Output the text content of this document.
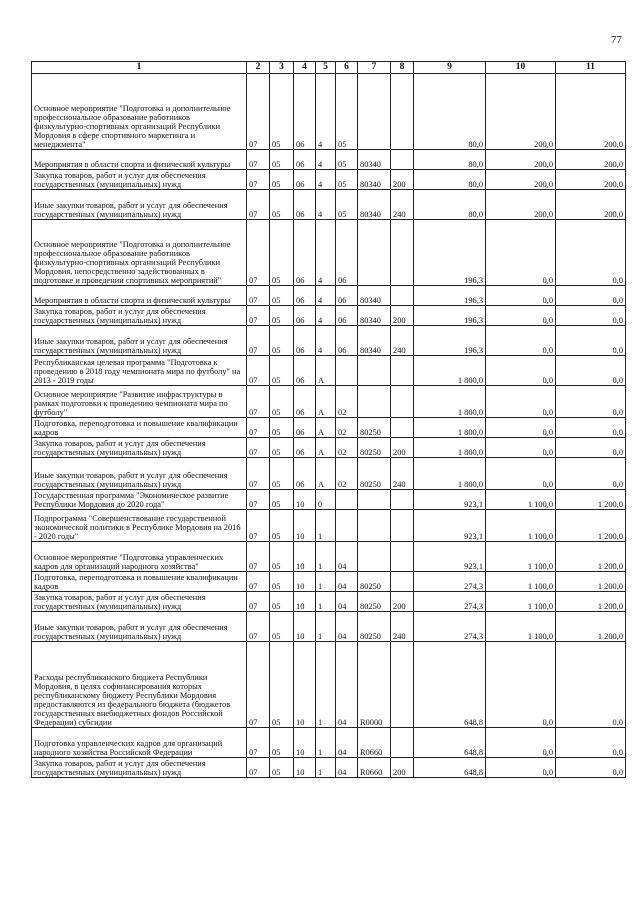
77
1	2	3	4	5	6	7	8	9	10	11
Основное мероприятие "Подготовка и дополнительное профессиональное образование работников физкультурно-спортивных организаций Республики Мордовия в сфере спортивного маркетинга и менеджмента"	07	05	06	4	05			80,0	200,0	200,0
Мероприятия в области спорта и физической культуры	07	05	06	4	05	80340		80,0	200,0	200,0
Закупка товаров, работ и услуг для обеспечения государственных (муниципальных) нужд	07	05	06	4	05	80340	200	80,0	200,0	200,0
Иные закупки товаров, работ и услуг для обеспечения государственных (муниципальных) нужд	07	05	06	4	05	80340	240	80,0	200,0	200,0
Основное мероприятие "Подготовка и дополнительное профессиональное образование работников физкультурно-спортивных организаций Республики Мордовия, непосредственно задействованных в подготовке и проведении спортивных мероприятий"	07	05	06	4	06			196,3	0,0	0,0
Мероприятия в области спорта и физической культуры	07	05	06	4	06	80340		196,3	0,0	0,0
Закупка товаров, работ и услуг для обеспечения государственных (муниципальных) нужд	07	05	06	4	06	80340	200	196,3	0,0	0,0
Иные закупки товаров, работ и услуг для обеспечения государственных (муниципальных) нужд	07	05	06	4	06	80340	240	196,3	0,0	0,0
Республиканская целевая программа "Подготовка к проведению в 2018 году чемпионата мира по футболу" на 2013 - 2019 годы	07	05	06	А				1 800,0	0,0	0,0
Основное мероприятие "Развитие инфраструктуры в рамках подготовки к проведению чемпионата мира по футболу"	07	05	06	А	02			1 800,0	0,0	0,0
Подготовка, переподготовка и повышение квалификации кадров	07	05	06	А	02	80250		1 800,0	0,0	0,0
Закупка товаров, работ и услуг для обеспечения государственных (муниципальных) нужд	07	05	06	А	02	80250	200	1 800,0	0,0	0,0
Иные закупки товаров, работ и услуг для обеспечения государственных (муниципальных) нужд	07	05	06	А	02	80250	240	1 800,0	0,0	0,0
Государственная программа "Экономическое развитие Республики Мордовия до 2020 года"	07	05	10	0				923,1	1 100,0	1 200,0
Подпрограмма "Совершенствование государственной экономической политики в Республике Мордовия на 2016 - 2020 годы"	07	05	10	1				923,1	1 100,0	1 200,0
Основное мероприятие "Подготовка управленческих кадров для организаций народного хозяйства"	07	05	10	1	04			923,1	1 100,0	1 200,0
Подготовка, переподготовка и повышение квалификации кадров	07	05	10	1	04	80250		274,3	1 100,0	1 200,0
Закупка товаров, работ и услуг для обеспечения государственных (муниципальных) нужд	07	05	10	1	04	80250	200	274,3	1 100,0	1 200,0
Иные закупки товаров, работ и услуг для обеспечения государственных (муниципальных) нужд	07	05	10	1	04	80250	240	274,3	1 100,0	1 200,0
Расходы республиканского бюджета Республики Мордовия, в целях софинансирования которых республиканскому бюджету Республики Мордовия предоставляются из федерального бюджета (бюджетов государственных внебюджетных фондов Российской Федерации) субсидии	07	05	10	1	04	R0000		648,8	0,0	0,0
Подготовка управленческих кадров для организаций народного хозяйства Российской Федерации	07	05	10	1	04	R0660		648,8	0,0	0,0
Закупка товаров, работ и услуг для обеспечения государственных (муниципальных) нужд	07	05	10	1	04	R0660	200	648,8	0,0	0,0
